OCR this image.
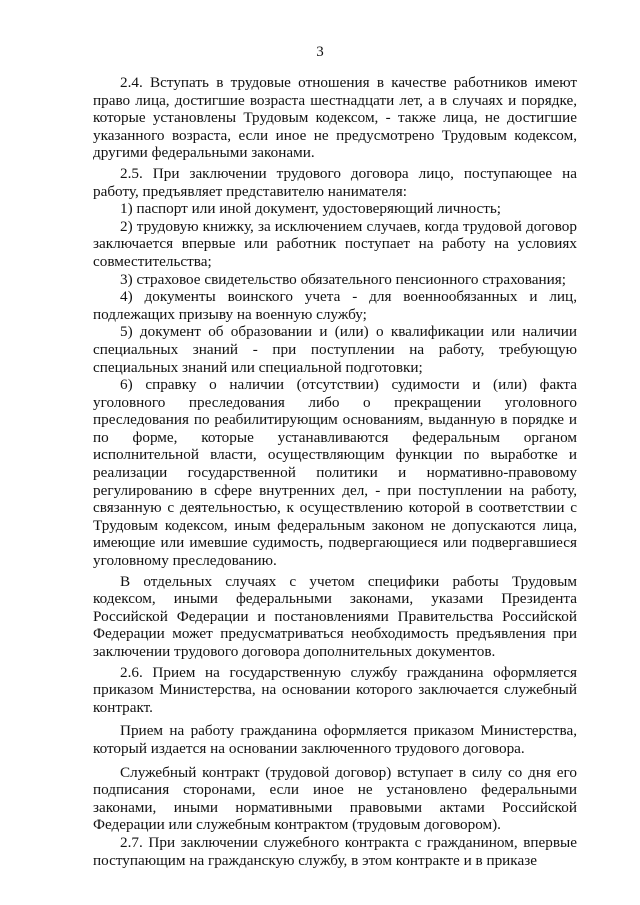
3

2.4. Вступать в трудовые отношения в качестве работников имеют право лица, достигшие возраста шестнадцати лет, а в случаях и порядке, которые установлены Трудовым кодексом, - также лица, не достигшие указанного возраста, если иное не предусмотрено Трудовым кодексом, другими федеральными законами.

2.5. При заключении трудового договора лицо, поступающее на работу, предъявляет представителю нанимателя:

1) паспорт или иной документ, удостоверяющий личность;

2) трудовую книжку, за исключением случаев, когда трудовой договор заключается впервые или работник поступает на работу на условиях совместительства;

3) страховое свидетельство обязательного пенсионного страхования;

4) документы воинского учета - для военнообязанных и лиц, подлежащих призыву на военную службу;

5) документ об образовании и (или) о квалификации или наличии специальных знаний - при поступлении на работу, требующую специальных знаний или специальной подготовки;

6) справку о наличии (отсутствии) судимости и (или) факта уголовного преследования либо о прекращении уголовного преследования по реабилитирующим основаниям, выданную в порядке и по форме, которые устанавливаются федеральным органом исполнительной власти, осуществляющим функции по выработке и реализации государственной политики и нормативно-правовому регулированию в сфере внутренних дел, - при поступлении на работу, связанную с деятельностью, к осуществлению которой в соответствии с Трудовым кодексом, иным федеральным законом не допускаются лица, имеющие или имевшие судимость, подвергающиеся или подвергавшиеся уголовному преследованию.

В отдельных случаях с учетом специфики работы Трудовым кодексом, иными федеральными законами, указами Президента Российской Федерации и постановлениями Правительства Российской Федерации может предусматриваться необходимость предъявления при заключении трудового договора дополнительных документов.

2.6. Прием на государственную службу гражданина оформляется приказом Министерства, на основании которого заключается служебный контракт.

Прием на работу гражданина оформляется приказом Министерства, который издается на основании заключенного трудового договора.

Служебный контракт (трудовой договор) вступает в силу со дня его подписания сторонами, если иное не установлено федеральными законами, иными нормативными правовыми актами Российской Федерации или служебным контрактом (трудовым договором).

2.7. При заключении служебного контракта с гражданином, впервые поступающим на гражданскую службу, в этом контракте и в приказе
